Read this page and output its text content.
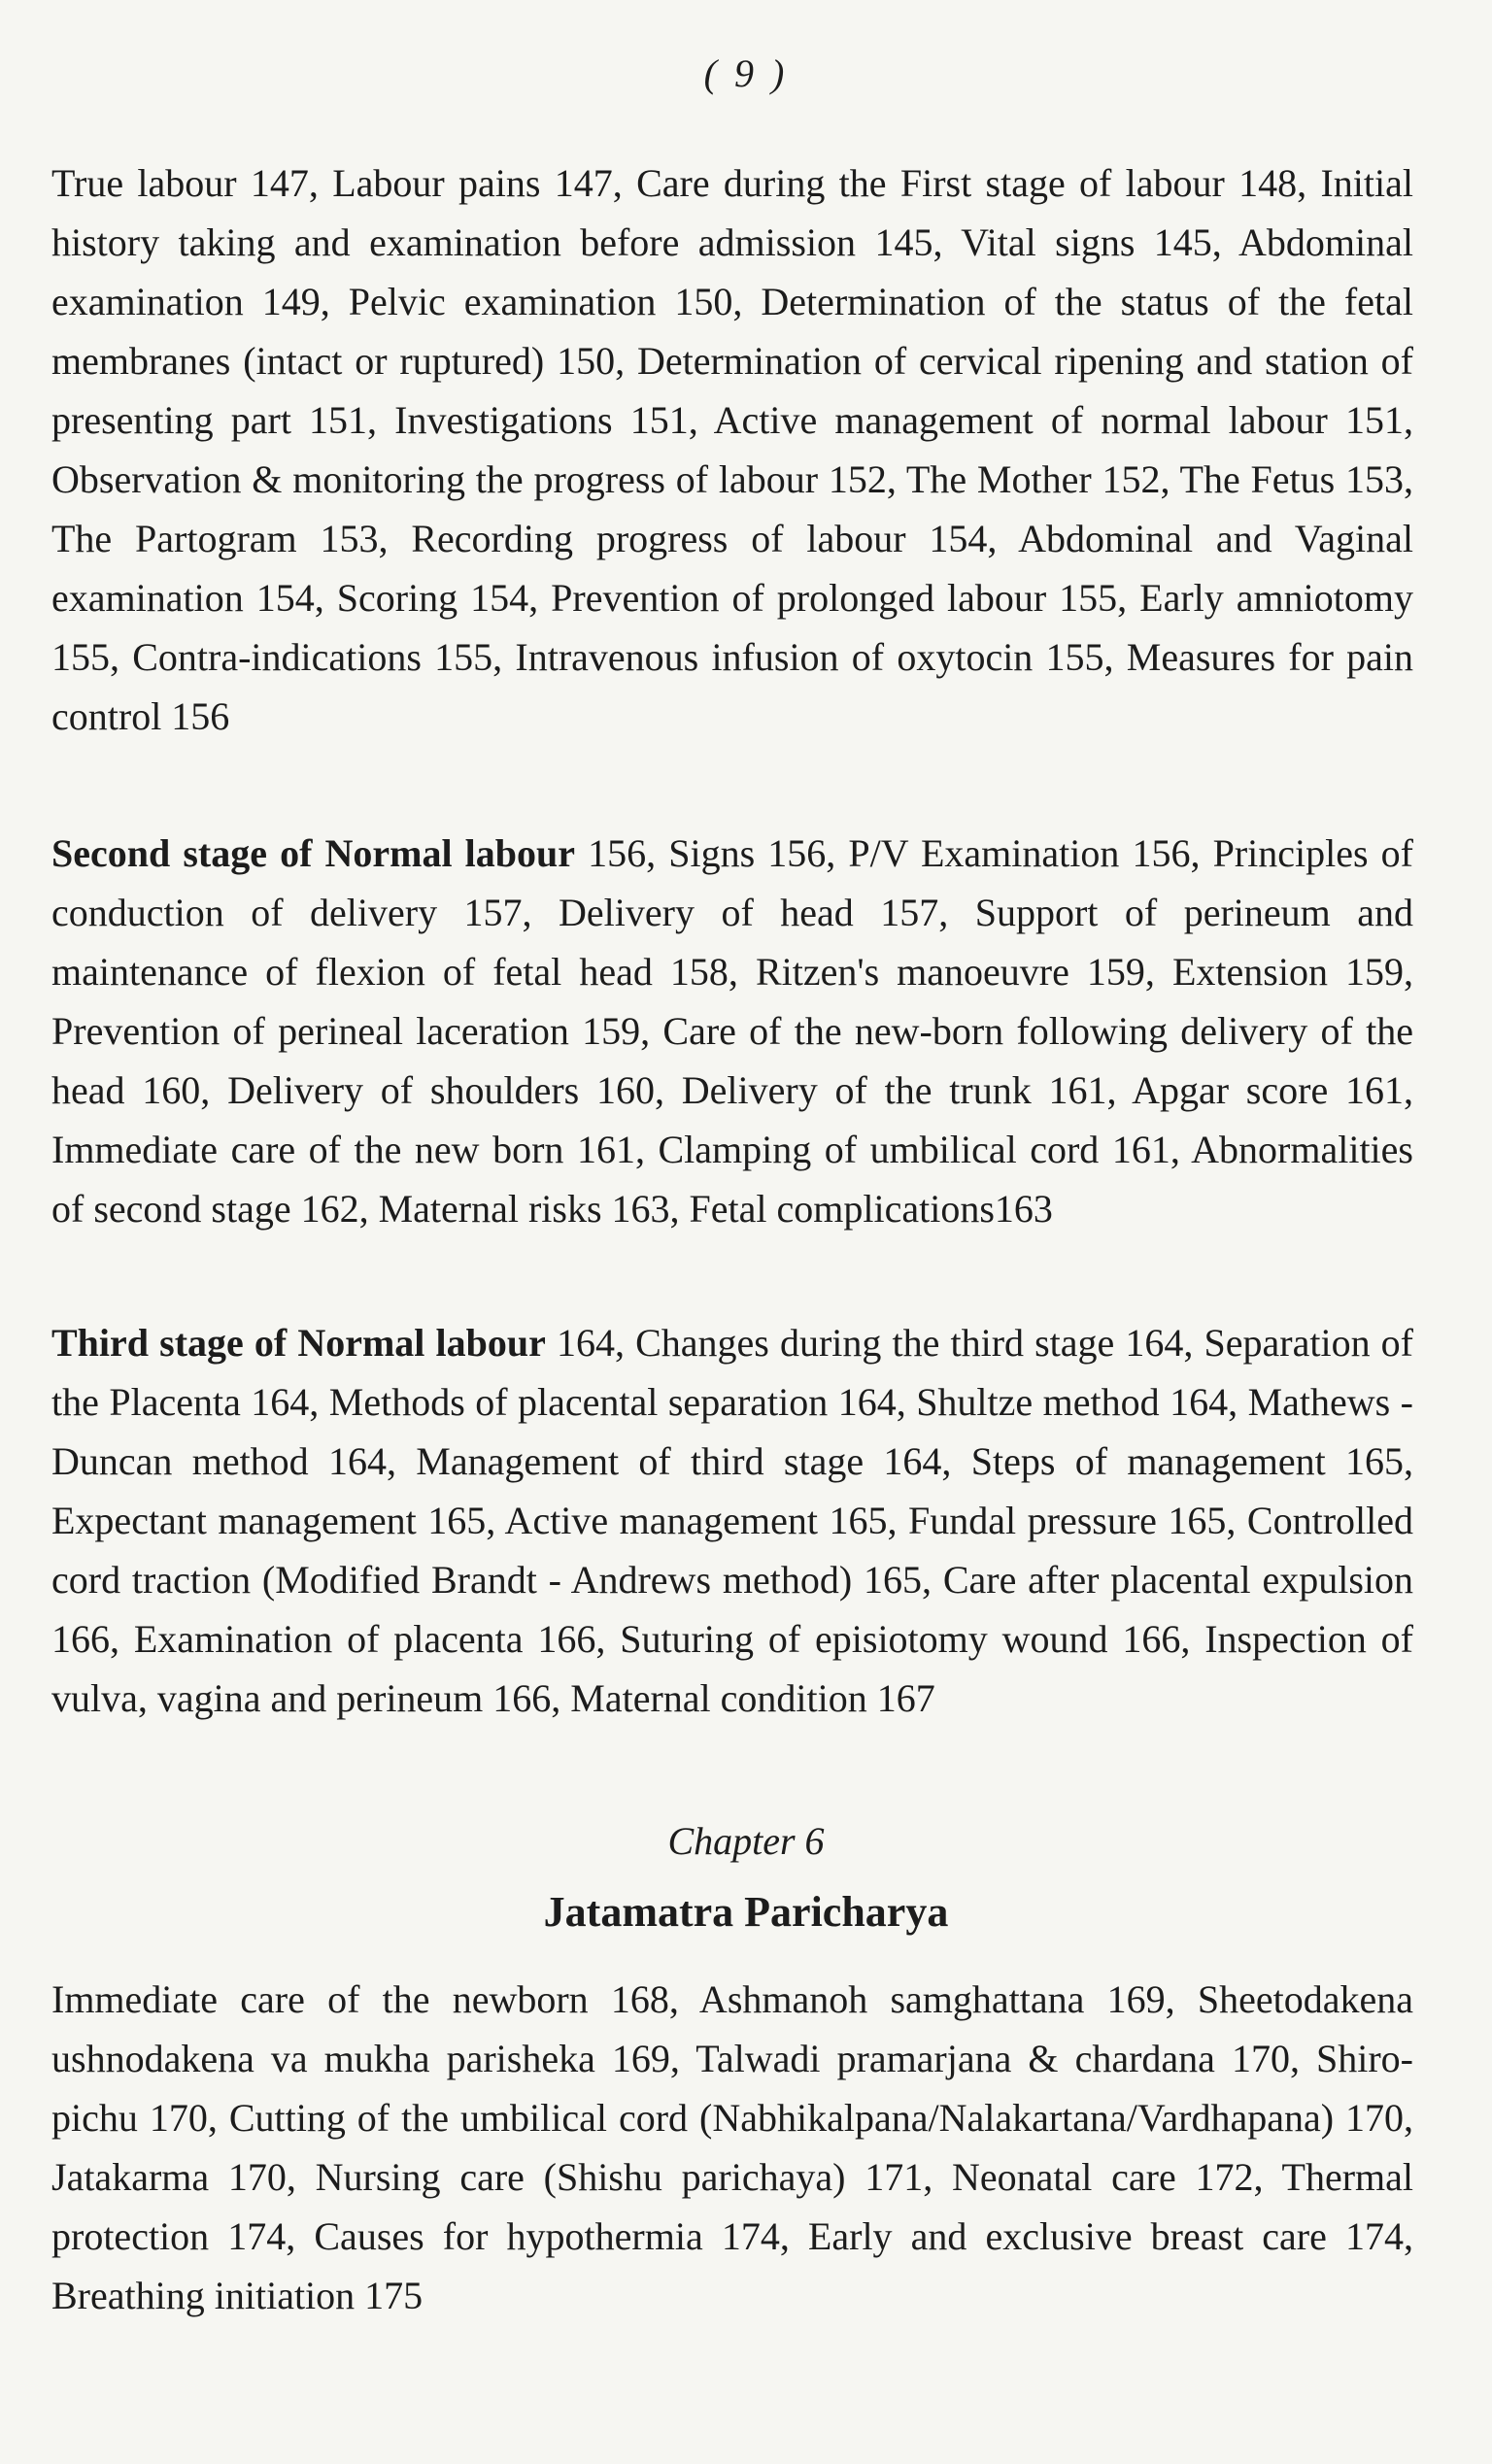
( 9 )

True labour 147, Labour pains 147, Care during the First stage of labour 148, Initial history taking and examination before admission 145, Vital signs 145, Abdominal examination 149, Pelvic examination 150, Determination of the status of the fetal membranes (intact or ruptured) 150, Determination of cervical ripening and station of presenting part 151, Investigations 151, Active management of normal labour 151, Observation & monitoring the progress of labour 152, The Mother 152, The Fetus 153, The Partogram 153, Recording progress of labour 154, Abdominal and Vaginal examination 154, Scoring 154, Prevention of prolonged labour 155, Early amniotomy 155, Contra-indications 155, Intravenous infusion of oxytocin 155, Measures for pain control 156

Second stage of Normal labour 156, Signs 156, P/V Examination 156, Principles of conduction of delivery 157, Delivery of head 157, Support of perineum and maintenance of flexion of fetal head 158, Ritzen's manoeuvre 159, Extension 159, Prevention of perineal laceration 159, Care of the new-born following delivery of the head 160, Delivery of shoulders 160, Delivery of the trunk 161, Apgar score 161, Immediate care of the new born 161, Clamping of umbilical cord 161, Abnormalities of second stage 162, Maternal risks 163, Fetal complications163

Third stage of Normal labour 164, Changes during the third stage 164, Separation of the Placenta 164, Methods of placental separation 164, Shultze method 164, Mathews - Duncan method 164, Management of third stage 164, Steps of management 165, Expectant management 165, Active management 165, Fundal pressure 165, Controlled cord traction (Modified Brandt - Andrews method) 165, Care after placental expulsion 166, Examination of placenta 166, Suturing of episiotomy wound 166, Inspection of vulva, vagina and perineum 166, Maternal condition 167

Chapter 6
Jatamatra Paricharya

Immediate care of the newborn 168, Ashmanoh samghattana 169, Sheetodakena ushnodakena va mukha parisheka 169, Talwadi pramarjana & chardana 170, Shiro-pichu 170, Cutting of the umbilical cord (Nabhikalpana/Nalakartana/Vardhapana) 170, Jatakarma 170, Nursing care (Shishu parichaya) 171, Neonatal care 172, Thermal protection 174, Causes for hypothermia 174, Early and exclusive breast care 174, Breathing initiation 175
